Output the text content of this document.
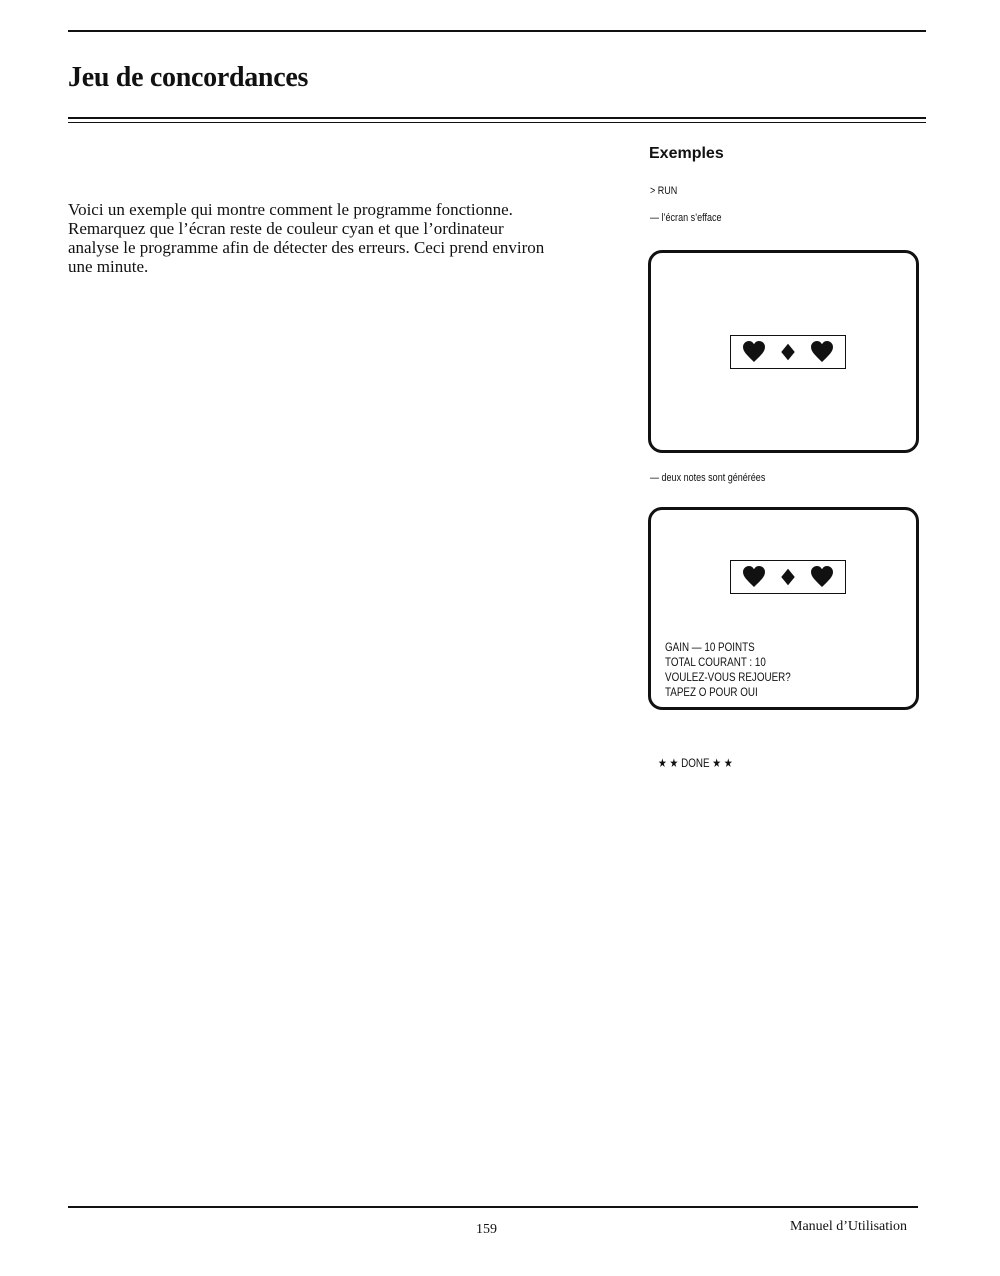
Jeu de concordances

Voici un exemple qui montre comment le programme fonctionne.

Remarquez que l’écran reste de couleur cyan et que l’ordinateur

analyse le programme afin de détecter des erreurs. Ceci prend environ

une minute.

Exemples
> RUN
— l’écran s’efface
— deux notes sont générées
GAIN — 10 POINTS
TOTAL COURANT : 10
VOULEZ-VOUS REJOUER?
TAPEZ O POUR OUI
★ ★ DONE ★ ★
159	Manuel d’Utilisation
